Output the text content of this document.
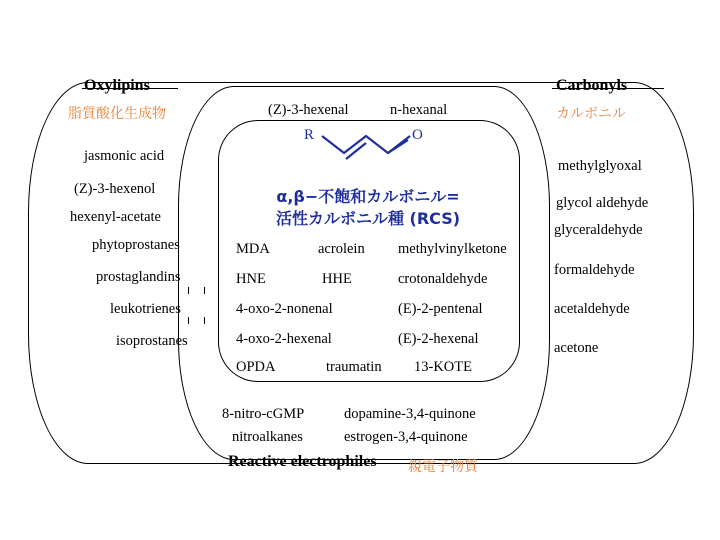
Oxylipins
脂質酸化生成物
Carbonyls
カルボニル
Reactive electrophiles 親電子物質
(Z)-3-hexenal	n-hexanal
jasmonic acid
(Z)-3-hexenol
hexenyl-acetate
phytoprostanes
prostaglandins
leukotrienes
isoprostanes
methylglyoxal
glycol aldehyde
glyceraldehyde
formaldehyde
acetaldehyde
acetone
R	O
α,β−不飽和カルボニル=
活性カルボニル種 (RCS)
MDA	acrolein methylvinylketone
HNE	HHE	crotonaldehyde
4-oxo-2-nonenal	(E)-2-pentenal
4-oxo-2-hexenal	(E)-2-hexenal
OPDA	traumatin 13-KOTE
8-nitro-cGMP	dopamine-3,4-quinone
nitroalkanes	estrogen-3,4-quinone
